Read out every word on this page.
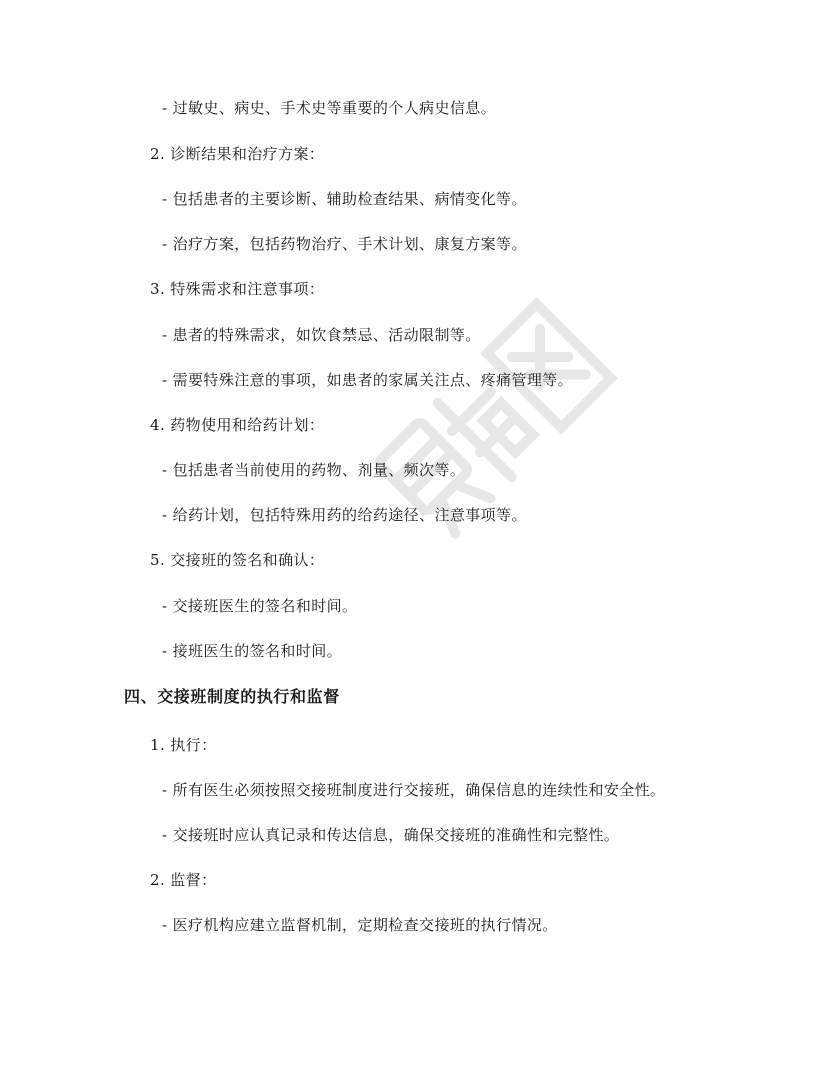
- 过敏史、病史、手术史等重要的个人病史信息。
2. 诊断结果和治疗方案：
- 包括患者的主要诊断、辅助检查结果、病情变化等。
- 治疗方案，包括药物治疗、手术计划、康复方案等。
3. 特殊需求和注意事项：
- 患者的特殊需求，如饮食禁忌、活动限制等。
- 需要特殊注意的事项，如患者的家属关注点、疼痛管理等。
4. 药物使用和给药计划：
- 包括患者当前使用的药物、剂量、频次等。
- 给药计划，包括特殊用药的给药途径、注意事项等。
5. 交接班的签名和确认：
- 交接班医生的签名和时间。
- 接班医生的签名和时间。
四、交接班制度的执行和监督
1. 执行：
- 所有医生必须按照交接班制度进行交接班，确保信息的连续性和安全性。
- 交接班时应认真记录和传达信息，确保交接班的准确性和完整性。
2. 监督：
- 医疗机构应建立监督机制，定期检查交接班的执行情况。
